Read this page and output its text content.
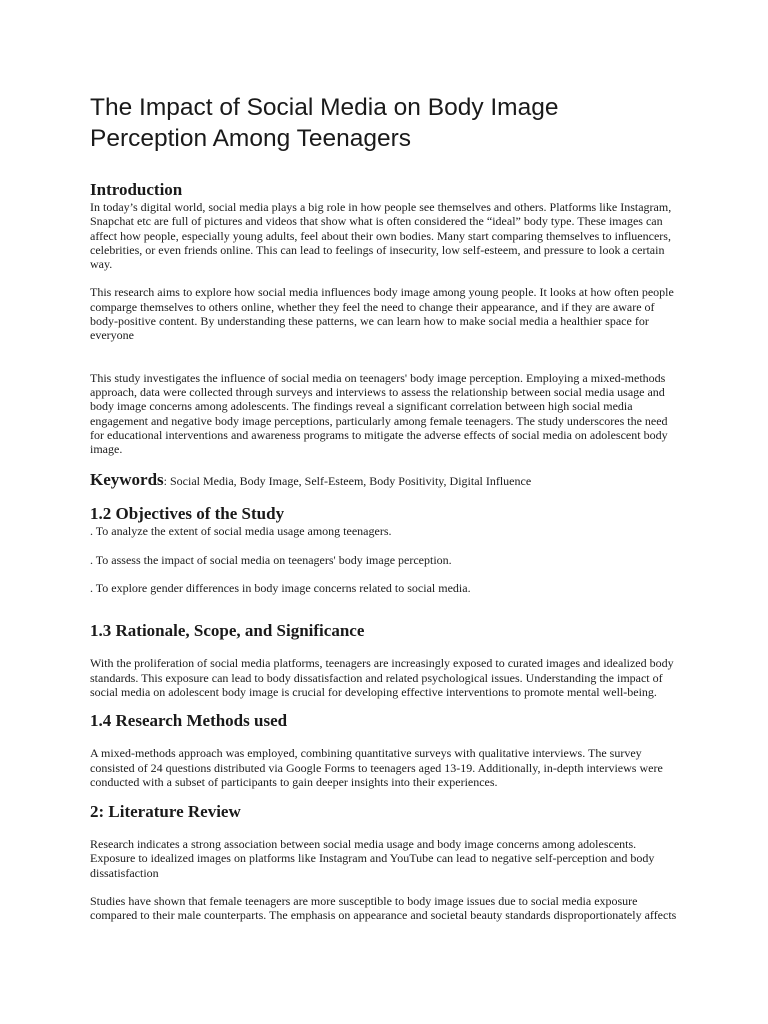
The Impact of Social Media on Body Image Perception Among Teenagers
Introduction

In today’s digital world, social media plays a big role in how people see themselves and others. Platforms like Instagram, Snapchat etc are full of pictures and videos that show what is often considered the “ideal” body type. These images can affect how people, especially young adults, feel about their own bodies. Many start comparing themselves to influencers, celebrities, or even friends online. This can lead to feelings of insecurity, low self-esteem, and pressure to look a certain way.

This research aims to explore how social media influences body image among young people. It looks at how often people comparge themselves to others online, whether they feel the need to change their appearance, and if they are aware of body-positive content. By understanding these patterns, we can learn how to make social media a healthier space for everyone

This study investigates the influence of social media on teenagers' body image perception. Employing a mixed-methods approach, data were collected through surveys and interviews to assess the relationship between social media usage and body image concerns among adolescents. The findings reveal a significant correlation between high social media engagement and negative body image perceptions, particularly among female teenagers. The study underscores the need for educational interventions and awareness programs to mitigate the adverse effects of social media on adolescent body image.

Keywords: Social Media, Body Image, Self-Esteem, Body Positivity, Digital Influence
1.2 Objectives of the Study

. To analyze the extent of social media usage among teenagers.

. To assess the impact of social media on teenagers' body image perception.

. To explore gender differences in body image concerns related to social media.

1.3 Rationale, Scope, and Significance

With the proliferation of social media platforms, teenagers are increasingly exposed to curated images and idealized body standards. This exposure can lead to body dissatisfaction and related psychological issues. Understanding the impact of social media on adolescent body image is crucial for developing effective interventions to promote mental well-being.

1.4 Research Methods used

A mixed-methods approach was employed, combining quantitative surveys with qualitative interviews. The survey consisted of 24 questions distributed via Google Forms to teenagers aged 13-19. Additionally, in-depth interviews were conducted with a subset of participants to gain deeper insights into their experiences.

2: Literature Review

Research indicates a strong association between social media usage and body image concerns among adolescents. Exposure to idealized images on platforms like Instagram and YouTube can lead to negative self-perception and body dissatisfaction

Studies have shown that female teenagers are more susceptible to body image issues due to social media exposure compared to their male counterparts. The emphasis on appearance and societal beauty standards disproportionately affects
